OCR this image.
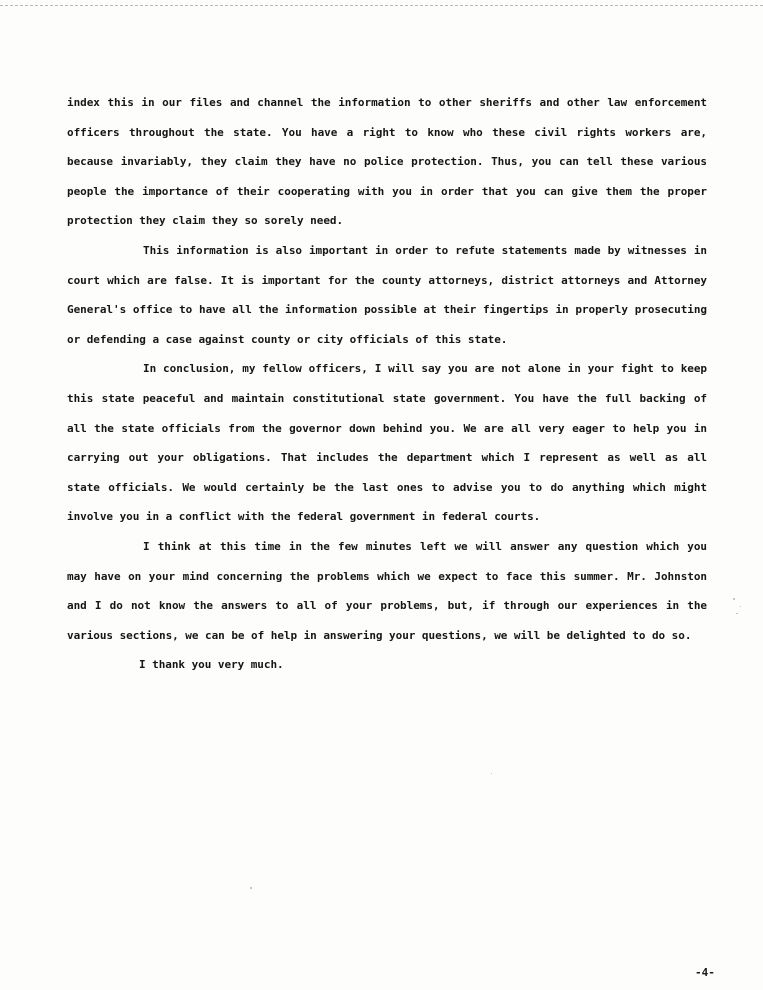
index this in our files and channel the information to other sheriffs and other law enforcement officers throughout the state. You have a right to know who these civil rights workers are, because invariably, they claim they have no police protection. Thus, you can tell these various people the importance of their cooperating with you in order that you can give them the proper protection they claim they so sorely need.

This information is also important in order to refute statements made by witnesses in court which are false. It is important for the county attorneys, district attorneys and Attorney General's office to have all the information possible at their fingertips in properly prosecuting or defending a case against county or city officials of this state.

In conclusion, my fellow officers, I will say you are not alone in your fight to keep this state peaceful and maintain constitutional state government. You have the full backing of all the state officials from the governor down behind you. We are all very eager to help you in carrying out your obligations. That includes the department which I represent as well as all state officials. We would certainly be the last ones to advise you to do anything which might involve you in a conflict with the federal government in federal courts.

I think at this time in the few minutes left we will answer any question which you may have on your mind concerning the problems which we expect to face this summer. Mr. Johnston and I do not know the answers to all of your problems, but, if through our experiences in the various sections, we can be of help in answering your questions, we will be delighted to do so.

I thank you very much.

-4-
